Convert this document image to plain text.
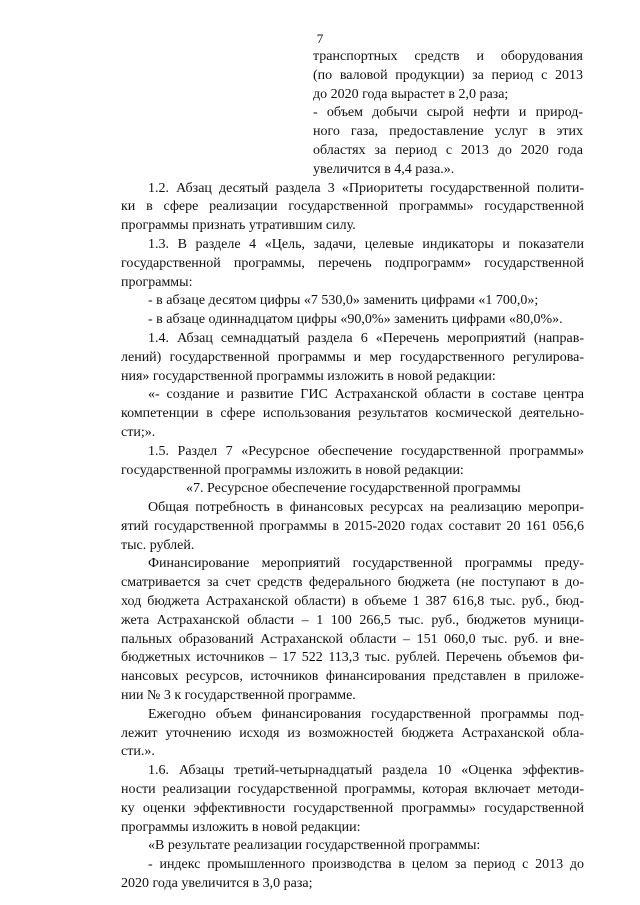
7
транспортных средств и оборудования
(по валовой продукции) за период с 2013
до 2020 года вырастет в 2,0 раза;
- объем добычи сырой нефти и природ-
ного газа, предоставление услуг в этих
областях за период с 2013 до 2020 года
увеличится в 4,4 раза.».
1.2. Абзац десятый раздела 3 «Приоритеты государственной полити-
ки в сфере реализации государственной программы» государственной
программы признать утратившим силу.
1.3. В разделе 4 «Цель, задачи, целевые индикаторы и показатели
государственной программы, перечень подпрограмм» государственной
программы:
- в абзаце десятом цифры «7 530,0» заменить цифрами «1 700,0»;
- в абзаце одиннадцатом цифры «90,0%» заменить цифрами «80,0%».
1.4. Абзац семнадцатый раздела 6 «Перечень мероприятий (направ-
лений) государственной программы и мер государственного регулирова-
ния» государственной программы изложить в новой редакции:
«- создание и развитие ГИС Астраханской области в составе центра
компетенции в сфере использования результатов космической деятельно-
сти;».
1.5. Раздел 7 «Ресурсное обеспечение государственной программы»
государственной программы изложить в новой редакции:
«7. Ресурсное обеспечение государственной программы
Общая потребность в финансовых ресурсах на реализацию меропри-
ятий государственной программы в 2015-2020 годах составит 20 161 056,6
тыс. рублей.
Финансирование мероприятий государственной программы преду-
сматривается за счет средств федерального бюджета (не поступают в до-
ход бюджета Астраханской области) в объеме 1 387 616,8 тыс. руб., бюд-
жета Астраханской области – 1 100 266,5 тыс. руб., бюджетов муници-
пальных образований Астраханской области – 151 060,0 тыс. руб. и вне-
бюджетных источников – 17 522 113,3 тыс. рублей. Перечень объемов фи-
нансовых ресурсов, источников финансирования представлен в приложе-
нии № 3 к государственной программе.
Ежегодно объем финансирования государственной программы под-
лежит уточнению исходя из возможностей бюджета Астраханской обла-
сти.».
1.6. Абзацы третий-четырнадцатый раздела 10 «Оценка эффектив-
ности реализации государственной программы, которая включает методи-
ку оценки эффективности государственной программы» государственной
программы изложить в новой редакции:
«В результате реализации государственной программы:
- индекс промышленного производства в целом за период с 2013 до
2020 года увеличится в 3,0 раза;
